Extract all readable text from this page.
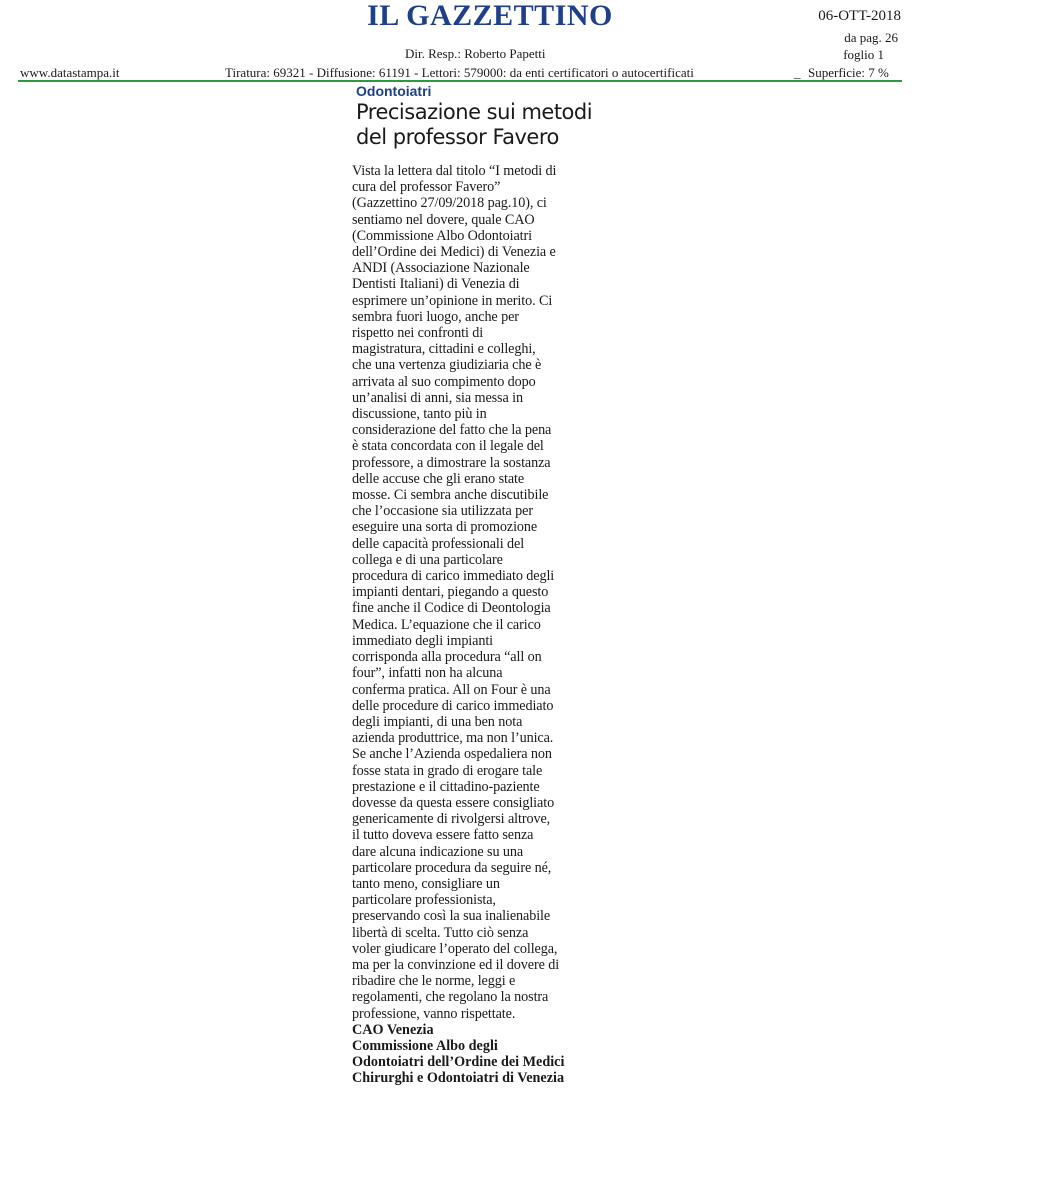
IL GAZZETTINO	06-OTT-2018
da pag. 26
foglio 1
Dir. Resp.: Roberto Papetti
www.datastampa.it	Tiratura: 69321 - Diffusione: 61191 - Lettori: 579000: da enti certificatori o autocertificati	_ Superficie: 7 %
Odontoiatri
Precisazione sui metodi
del professor Favero
Vista la lettera dal titolo “I metodi di
cura del professor Favero”
(Gazzettino 27/09/2018 pag.10), ci
sentiamo nel dovere, quale CAO
(Commissione Albo Odontoiatri
dell’Ordine dei Medici) di Venezia e
ANDI (Associazione Nazionale
Dentisti Italiani) di Venezia di
esprimere un’opinione in merito. Ci
sembra fuori luogo, anche per
rispetto nei confronti di
magistratura, cittadini e colleghi,
che una vertenza giudiziaria che è
arrivata al suo compimento dopo
un’analisi di anni, sia messa in
discussione, tanto più in
considerazione del fatto che la pena
è stata concordata con il legale del
professore, a dimostrare la sostanza
delle accuse che gli erano state
mosse. Ci sembra anche discutibile
che l’occasione sia utilizzata per
eseguire una sorta di promozione
delle capacità professionali del
collega e di una particolare
procedura di carico immediato degli
impianti dentari, piegando a questo
fine anche il Codice di Deontologia
Medica. L’equazione che il carico
immediato degli impianti
corrisponda alla procedura “all on
four”, infatti non ha alcuna
conferma pratica. All on Four è una
delle procedure di carico immediato
degli impianti, di una ben nota
azienda produttrice, ma non l’unica.
Se anche l’Azienda ospedaliera non
fosse stata in grado di erogare tale
prestazione e il cittadino-paziente
dovesse da questa essere consigliato
genericamente di rivolgersi altrove,
il tutto doveva essere fatto senza
dare alcuna indicazione su una
particolare procedura da seguire né,
tanto meno, consigliare un
particolare professionista,
preservando così la sua inalienabile
libertà di scelta. Tutto ciò senza
voler giudicare l’operato del collega,
ma per la convinzione ed il dovere di
ribadire che le norme, leggi e
regolamenti, che regolano la nostra
professione, vanno rispettate.
CAO Venezia
Commissione Albo degli
Odontoiatri dell’Ordine dei Medici
Chirurghi e Odontoiatri di Venezia
